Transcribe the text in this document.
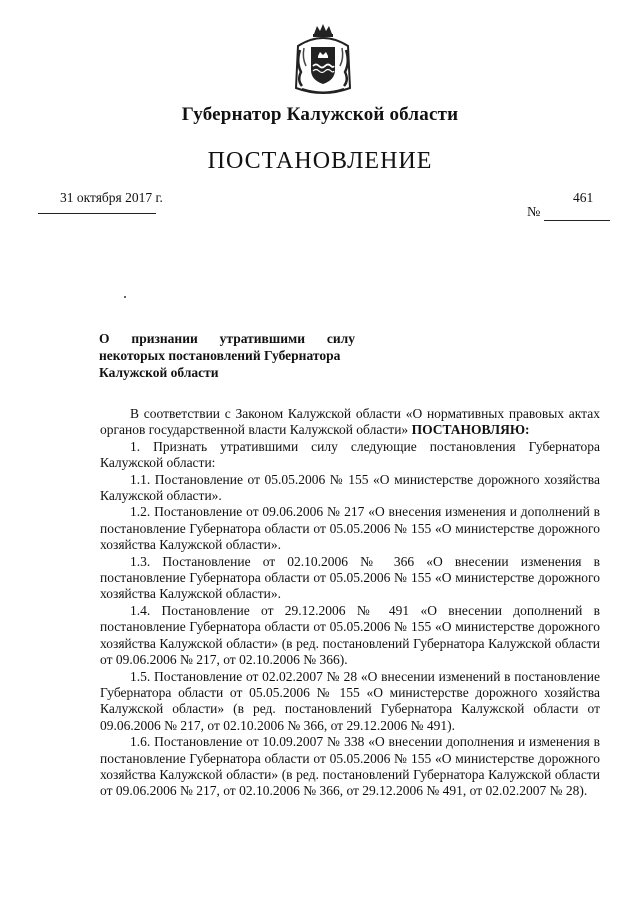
Губернатор Калужской области
ПОСТАНОВЛЕНИЕ
31 октября 2017 г.	461
№
О признании утратившими силу
некоторых постановлений Губернатора
Калужской области

В соответствии с Законом Калужской области «О нормативных правовых актах органов государственной власти Калужской области» ПОСТАНОВЛЯЮ:

1. Признать утратившими силу следующие постановления Губернатора Калужской области:

1.1. Постановление от 05.05.2006 № 155 «О министерстве дорожного хозяйства Калужской области».

1.2. Постановление от 09.06.2006 № 217 «О внесения изменения и дополнений в постановление Губернатора области от 05.05.2006 № 155 «О министерстве дорожного хозяйства Калужской области».

1.3. Постановление от 02.10.2006 № 366 «О внесении изменения в постановление Губернатора области от 05.05.2006 № 155 «О министерстве дорожного хозяйства Калужской области».

1.4. Постановление от 29.12.2006 № 491 «О внесении дополнений в постановление Губернатора области от 05.05.2006 № 155 «О министерстве дорожного хозяйства Калужской области» (в ред. постановлений Губернатора Калужской области от 09.06.2006 № 217, от 02.10.2006 № 366).

1.5. Постановление от 02.02.2007 № 28 «О внесении изменений в постановление Губернатора области от 05.05.2006 № 155 «О министерстве дорожного хозяйства Калужской области» (в ред. постановлений Губернатора Калужской области от 09.06.2006 № 217, от 02.10.2006 № 366, от 29.12.2006 № 491).

1.6. Постановление от 10.09.2007 № 338 «О внесении дополнения и изменения в постановление Губернатора области от 05.05.2006 № 155 «О министерстве дорожного хозяйства Калужской области» (в ред. постановлений Губернатора Калужской области от 09.06.2006 № 217, от 02.10.2006 № 366, от 29.12.2006 № 491, от 02.02.2007 № 28).
